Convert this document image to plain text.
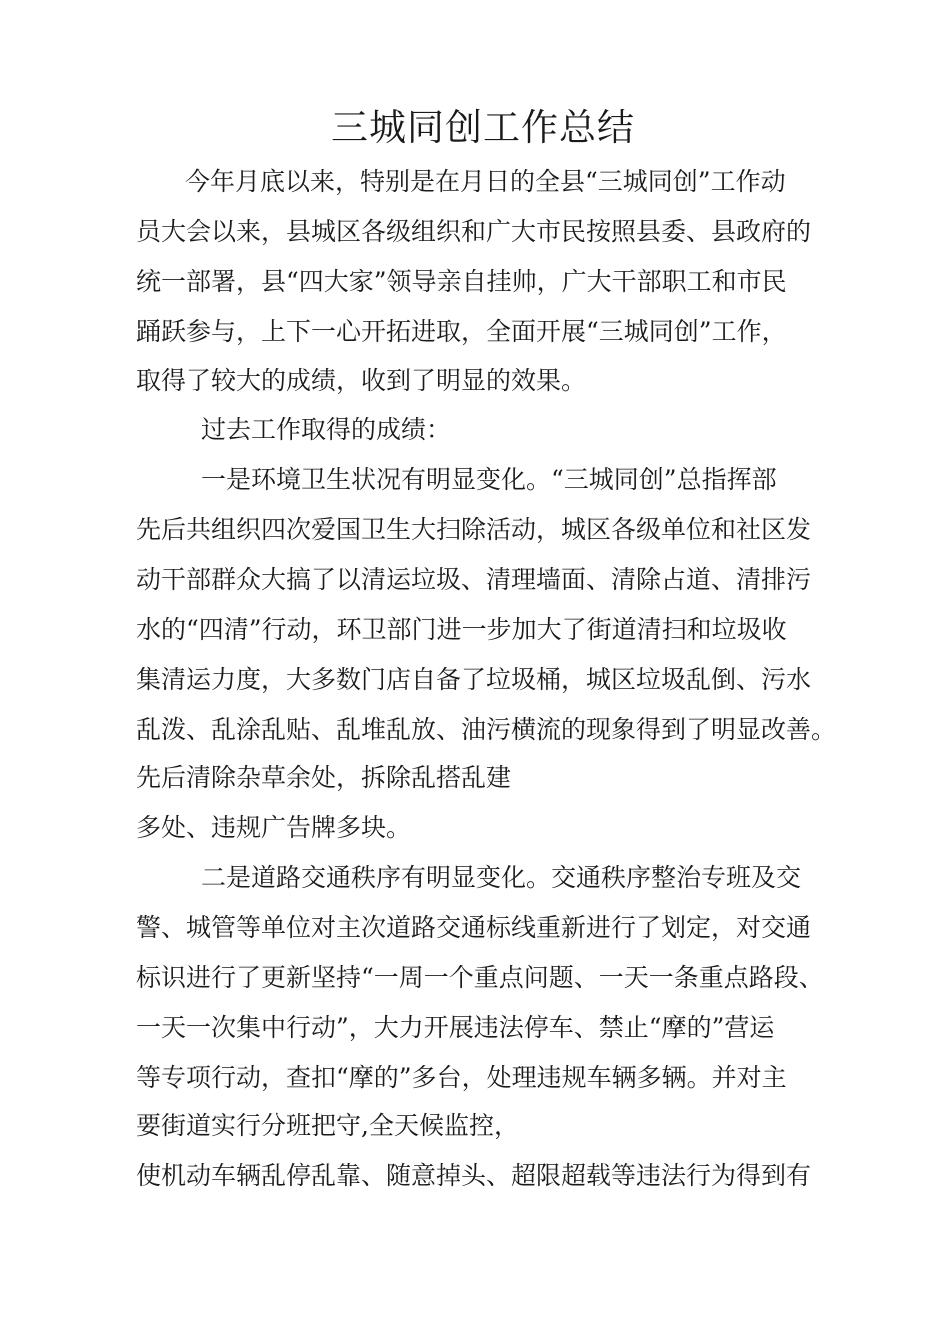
三城同创工作总结
今年月底以来，特别是在月日的全县“三城同创”工作动
员大会以来，县城区各级组织和广大市民按照县委、县政府的
统一部署，县“四大家”领导亲自挂帅，广大干部职工和市民
踊跃参与，上下一心开拓进取，全面开展“三城同创”工作，
取得了较大的成绩，收到了明显的效果。
过去工作取得的成绩：
一是环境卫生状况有明显变化。“三城同创”总指挥部
先后共组织四次爱国卫生大扫除活动，城区各级单位和社区发
动干部群众大搞了以清运垃圾、清理墙面、清除占道、清排污
水的“四清”行动，环卫部门进一步加大了街道清扫和垃圾收
集清运力度，大多数门店自备了垃圾桶，城区垃圾乱倒、污水
乱泼、乱涂乱贴、乱堆乱放、油污横流的现象得到了明显改善。
先后清除杂草余处，拆除乱搭乱建
多处、违规广告牌多块。
二是道路交通秩序有明显变化。交通秩序整治专班及交
警、城管等单位对主次道路交通标线重新进行了划定，对交通
标识进行了更新坚持“一周一个重点问题、一天一条重点路段、
一天一次集中行动”，大力开展违法停车、禁止“摩的”营运
等专项行动，查扣“摩的”多台，处理违规车辆多辆。并对主
要街道实行分班把守,全天候监控，
使机动车辆乱停乱靠、随意掉头、超限超载等违法行为得到有
